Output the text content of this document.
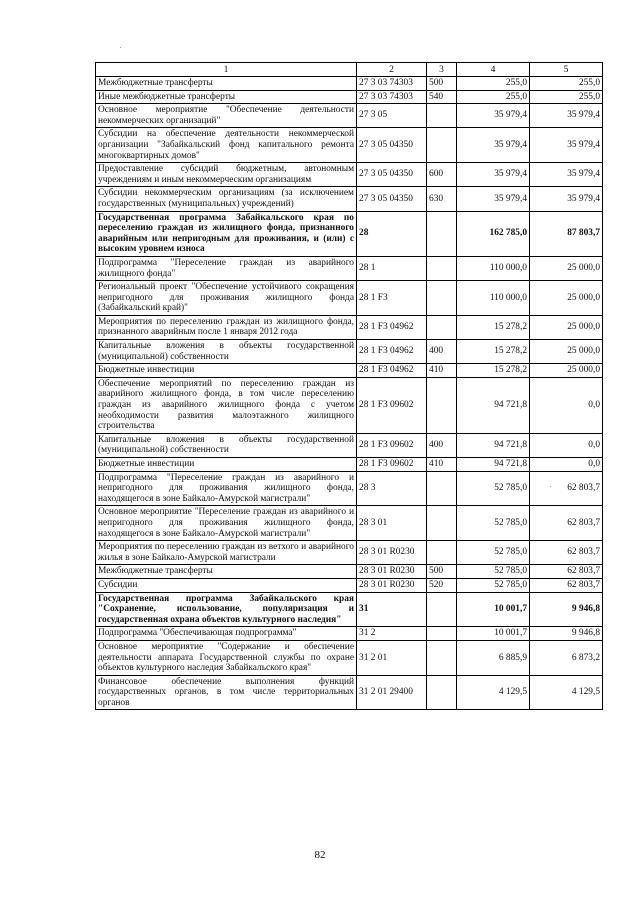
1	2	3	4	5
Межбюджетные трансферты	27 3 03 74303	500	255,0	255,0
Иные межбюджетные трансферты	27 3 03 74303	540	255,0	255,0
Основное мероприятие "Обеспечение деятельности некоммерческих организаций"	27 3 05		35 979,4	35 979,4
Субсидии на обеспечение деятельности некоммерческой организации "Забайкальский фонд капитального ремонта многоквартирных домов"	27 3 05 04350		35 979,4	35 979,4
Предоставление субсидий бюджетным, автономным учреждениям и иным некоммерческим организациям	27 3 05 04350	600	35 979,4	35 979,4
Субсидии некоммерческим организациям (за исключением государственных (муниципальных) учреждений)	27 3 05 04350	630	35 979,4	35 979,4
Государственная программа Забайкальского края по переселению граждан из жилищного фонда, признанного аварийным или непригодным для проживания, и (или) с высоким уровнем износа	28		162 785,0	87 803,7
Подпрограмма "Переселение граждан из аварийного жилищного фонда"	28 1		110 000,0	25 000,0
Региональный проект "Обеспечение устойчивого сокращения непригодного для проживания жилищного фонда (Забайкальский край)"	28 1 F3		110 000,0	25 000,0
Мероприятия по переселению граждан из жилищного фонда, признанного аварийным после 1 января 2012 года	28 1 F3 04962		15 278,2	25 000,0
Капитальные вложения в объекты государственной (муниципальной) собственности	28 1 F3 04962	400	15 278,2	25 000,0
Бюджетные инвестиции	28 1 F3 04962	410	15 278,2	25 000,0
Обеспечение мероприятий по переселению граждан из аварийного жилищного фонда, в том числе переселению граждан из аварийного жилищного фонда с учетом необходимости развития малоэтажного жилищного строительства	28 1 F3 09602		94 721,8	0,0
Капитальные вложения в объекты государственной (муниципальной) собственности	28 1 F3 09602	400	94 721,8	0,0
Бюджетные инвестиции	28 1 F3 09602	410	94 721,8	0,0
Подпрограмма "Переселение граждан из аварийного и непригодного для проживания жилищного фонда, находящегося в зоне Байкало-Амурской магистрали"	28 3		52 785,0	62 803,7
Основное мероприятие "Переселение граждан из аварийного и непригодного для проживания жилищного фонда, находящегося в зоне Байкало-Амурской магистрали"	28 3 01		52 785,0	62 803,7
Мероприятия по переселению граждан из ветхого и аварийного жилья в зоне Байкало-Амурской магистрали	28 3 01 R0230		52 785,0	62 803,7
Межбюджетные трансферты	28 3 01 R0230	500	52 785,0	62 803,7
Субсидии	28 3 01 R0230	520	52 785,0	62 803,7
Государственная программа Забайкальского края "Сохранение, использование, популяризация и государственная охрана объектов культурного наследия"	31		10 001,7	9 946,8
Подпрограмма "Обеспечивающая подпрограмма"	31 2		10 001,7	9 946,8
Основное мероприятие "Содержание и обеспечение деятельности аппарата Государственной службы по охране объектов культурного наследия Забайкальского края"	31 2 01		6 885,9	6 873,2
Финансовое обеспечение выполнения функций государственных органов, в том числе территориальных органов	31 2 01 29400		4 129,5	4 129,5
82
